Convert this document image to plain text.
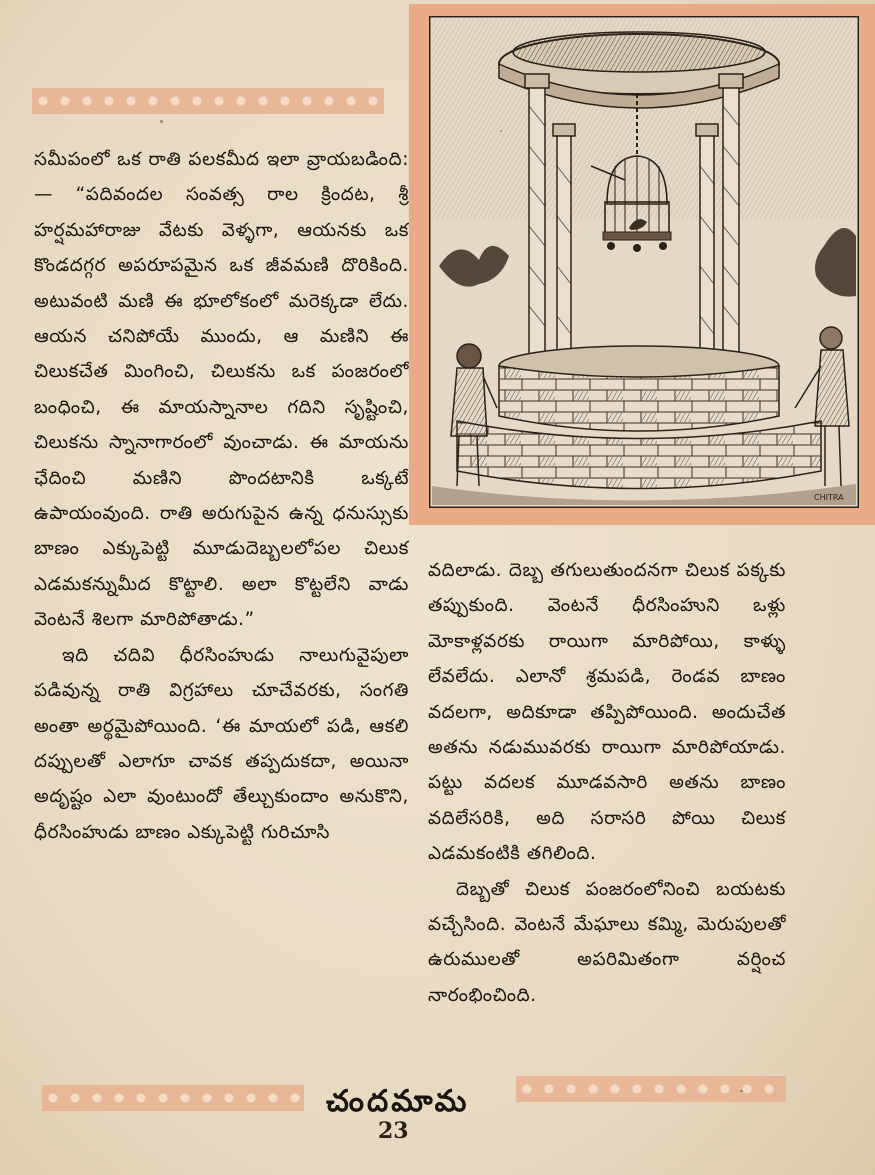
సమీపంలో ఒక రాతి పలకమీద ఇలా వ్రాయబడింది:— “పదివందల సంవత్స రాల క్రిందట, శ్రీ హర్షమహారాజు వేటకు వెళ్ళగా, ఆయనకు ఒక కొండదగ్గర అపరూపమైన ఒక జీవమణి దొరికింది. అటువంటి మణి ఈ భూలోకంలో మరెక్కడా లేదు. ఆయన చనిపోయే ముందు, ఆ మణిని ఈ చిలుకచేత మింగించి, చిలుకను ఒక పంజరంలో బంధించి, ఈ మాయస్నానాల గదిని సృష్టించి, చిలుకను స్నానాగారంలో వుంచాడు. ఈ మాయను ఛేదించి మణిని పొందటానికి ఒక్కటే ఉపాయంవుంది. రాతి అరుగుపైన ఉన్న ధనుస్సుకు బాణం ఎక్కుపెట్టి మూడుదెబ్బలలోపల చిలుక ఎడమకన్నుమీద కొట్టాలి. అలా కొట్టలేని వాడు వెంటనే శిలగా మారిపోతాడు.”

ఇది చదివి ధీరసింహుడు నాలుగువైపులా పడివున్న రాతి విగ్రహాలు చూచేవరకు, సంగతి అంతా అర్థమైపోయింది. ‘ఈ మాయలో పడి, ఆకలి దప్పులతో ఎలాగూ చావక తప్పదుకదా, అయినా అదృష్టం ఎలా వుంటుందో తేల్చుకుందాం అనుకొని, ధీరసింహుడు బాణం ఎక్కుపెట్టి గురిచూసి

CHITRA

వదిలాడు. దెబ్బ తగులుతుందనగా చిలుక పక్కకు తప్పుకుంది. వెంటనే ధీరసింహుని ఒళ్లు మోకాళ్లవరకు రాయిగా మారిపోయి, కాళ్ళు లేవలేదు. ఎలానో శ్రమపడి, రెండవ బాణం వదలగా, అదికూడా తప్పిపోయింది. అందుచేత అతను నడుమువరకు రాయిగా మారిపోయాడు. పట్టు వదలక మూడవసారి అతను బాణం వదిలేసరికి, అది సరాసరి పోయి చిలుక ఎడమకంటికి తగిలింది.

దెబ్బతో చిలుక పంజరంలోనించి బయటకు వచ్చేసింది. వెంటనే మేఘాలు కమ్మి, మెరుపులతో ఉరుములతో అపరిమితంగా వర్షించ నారంభించింది.

చందమామ
23
